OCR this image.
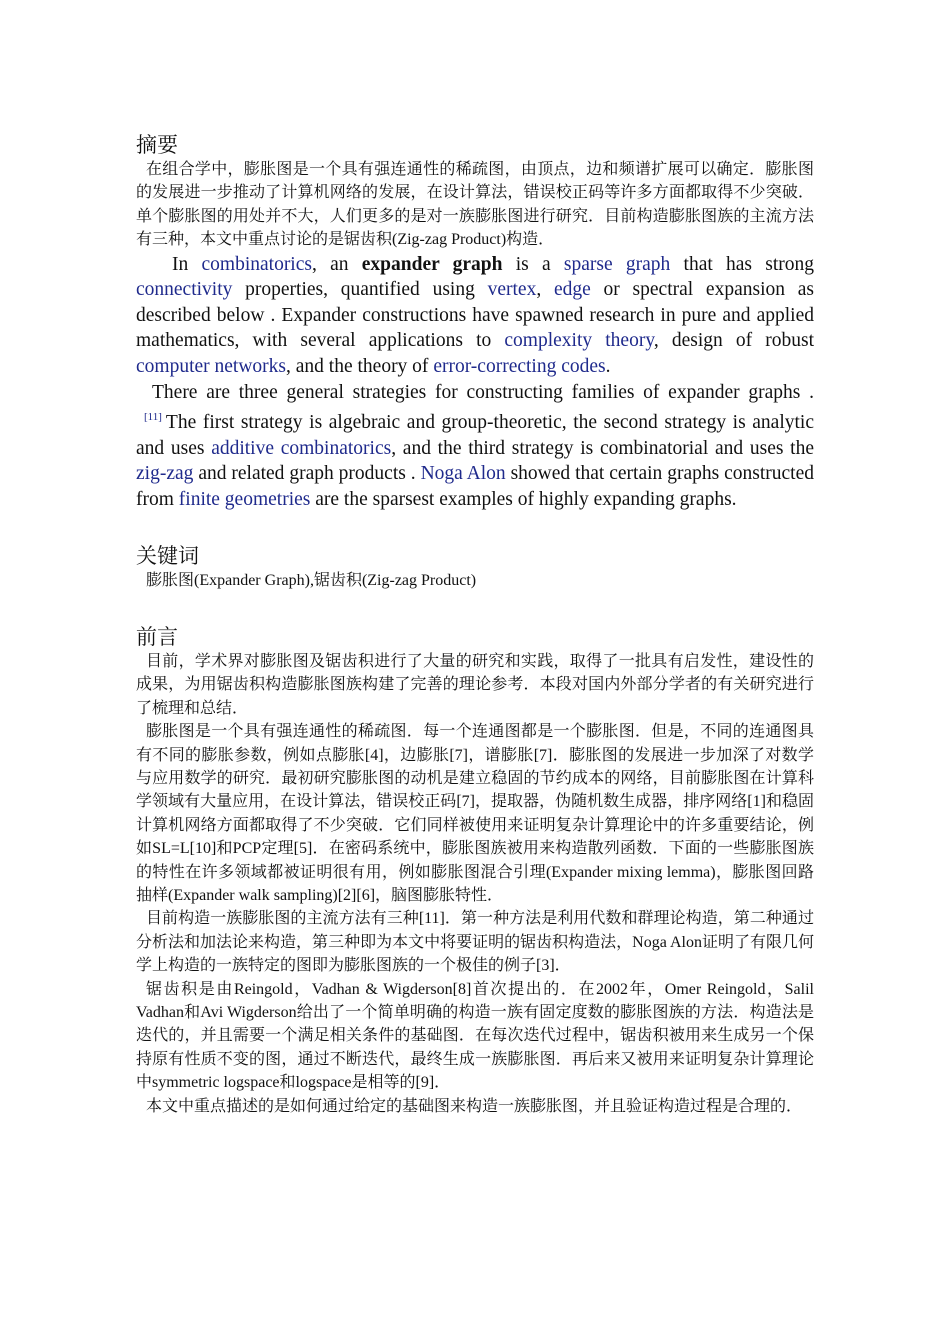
摘要

在组合学中，膨胀图是一个具有强连通性的稀疏图，由顶点，边和频谱扩展可以确定．膨胀图的发展进一步推动了计算机网络的发展，在设计算法，错误校正码等许多方面都取得不少突破．单个膨胀图的用处并不大，人们更多的是对一族膨胀图进行研究．目前构造膨胀图族的主流方法有三种，本文中重点讨论的是锯齿积(Zig-zag Product)构造．

In combinatorics, an expander graph is a sparse graph that has strong connectivity properties, quantified using vertex, edge or spectral expansion as described below . Expander constructions have spawned research in pure and applied mathematics, with several applications to complexity theory, design of robust computer networks, and the theory of error-correcting codes.

There are three general strategies for constructing families of expander graphs .[11] The first strategy is algebraic and group-theoretic, the second strategy is analytic and uses additive combinatorics, and the third strategy is combinatorial and uses the zig-zag and related graph products . Noga Alon showed that certain graphs constructed from finite geometries are the sparsest examples of highly expanding graphs.

关键词

膨胀图(Expander Graph),锯齿积(Zig-zag Product)

前言

目前，学术界对膨胀图及锯齿积进行了大量的研究和实践，取得了一批具有启发性，建设性的成果，为用锯齿积构造膨胀图族构建了完善的理论参考．本段对国内外部分学者的有关研究进行了梳理和总结．

膨胀图是一个具有强连通性的稀疏图．每一个连通图都是一个膨胀图．但是，不同的连通图具有不同的膨胀参数，例如点膨胀[4]，边膨胀[7]，谱膨胀[7]．膨胀图的发展进一步加深了对数学与应用数学的研究．最初研究膨胀图的动机是建立稳固的节约成本的网络，目前膨胀图在计算科学领域有大量应用，在设计算法，错误校正码[7]，提取器，伪随机数生成器，排序网络[1]和稳固计算机网络方面都取得了不少突破．它们同样被使用来证明复杂计算理论中的许多重要结论，例如SL=L[10]和PCP定理[5]．在密码系统中，膨胀图族被用来构造散列函数．下面的一些膨胀图族的特性在许多领域都被证明很有用，例如膨胀图混合引理(Expander mixing lemma)，膨胀图回路抽样(Expander walk sampling)[2][6]，脑图膨胀特性．

目前构造一族膨胀图的主流方法有三种[11]．第一种方法是利用代数和群理论构造，第二种通过分析法和加法论来构造，第三种即为本文中将要证明的锯齿积构造法，Noga Alon证明了有限几何学上构造的一族特定的图即为膨胀图族的一个极佳的例子[3]．

锯齿积是由Reingold，Vadhan & Wigderson[8]首次提出的．在2002年，Omer Reingold，Salil Vadhan和Avi Wigderson给出了一个简单明确的构造一族有固定度数的膨胀图族的方法．构造法是迭代的，并且需要一个满足相关条件的基础图．在每次迭代过程中，锯齿积被用来生成另一个保持原有性质不变的图，通过不断迭代，最终生成一族膨胀图．再后来又被用来证明复杂计算理论中symmetric logspace和logspace是相等的[9]．

本文中重点描述的是如何通过给定的基础图来构造一族膨胀图，并且验证构造过程是合理的．
